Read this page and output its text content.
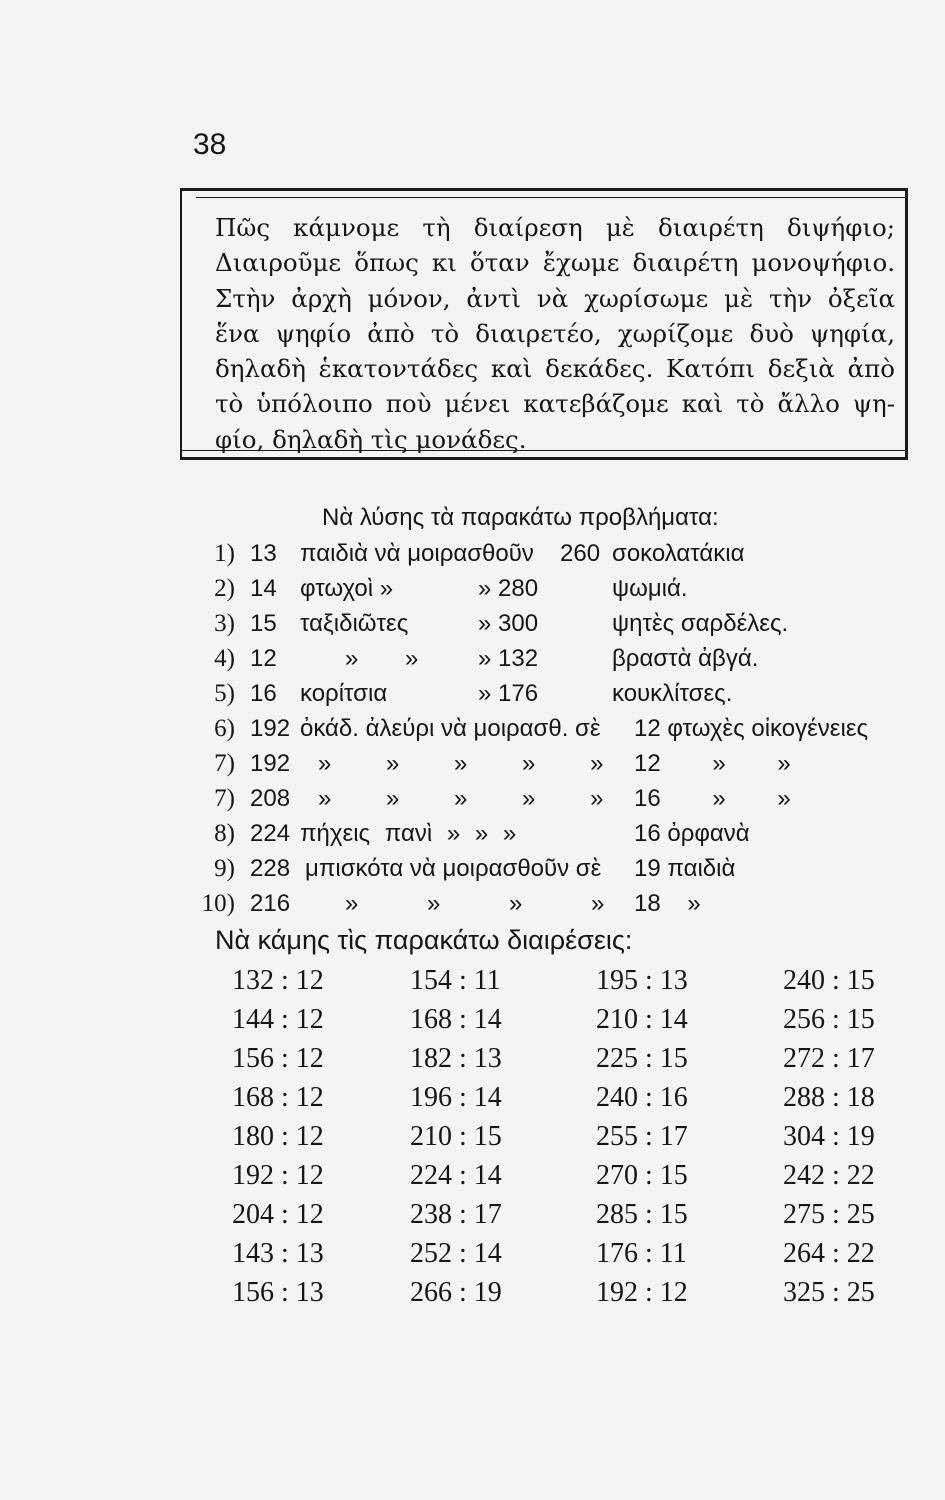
38
Πῶς κάμνομε τὴ διαίρεση μὲ διαιρέτη διψήφιο;
Διαιροῦμε ὅπως κι ὅταν ἔχωμε διαιρέτη μονοψήφιο.
Στὴν ἀρχὴ μόνον, ἀντὶ νὰ χωρίσωμε μὲ τὴν ὀξεῖα
ἕνα ψηφίο ἀπὸ τὸ διαιρετέο, χωρίζομε δυὸ ψηφία,
δηλαδὴ ἑκατοντάδες καὶ δεκάδες. Κατόπι δεξιὰ ἀπὸ
τὸ ὑπόλοιπο ποὺ μένει κατεβάζομε καὶ τὸ ἄλλο ψη-
φίο, δηλαδὴ τὶς μονάδες.
Νὰ λύσης τὰ παρακάτω προβλήματα:
1) 13 παιδιὰ νὰ μοιρασθοῦν 260 σοκολατάκια
2) 14 φτωχοὶ »	» 280	ψωμιά.
3) 15 ταξιδιῶτες	» 300	ψητὲς σαρδέλες.
4) 12	» » » 132	βραστὰ ἀβγά.
5) 16 κορίτσια	» 176	κουκλίτσες.
6) 192 ὀκάδ. ἀλεύρι νὰ μοιρασθ. σὲ 12 φτωχὲς οἰκογένειες
7) 192 » » » » » 12 » »
7) 208 » » » » » 16 » »
8) 224 πήχεις πανὶ » » »	16 ὀρφανὰ
9) 228 μπισκότα νὰ μοιρασθοῦν σὲ 19 παιδιὰ
10) 216 » » » » 18 »
Νὰ κάμης τὶς παρακάτω διαιρέσεις:
132 : 12	154 : 11	195 : 13	240 : 15
144 : 12	168 : 14	210 : 14	256 : 15
156 : 12	182 : 13	225 : 15	272 : 17
168 : 12	196 : 14	240 : 16	288 : 18
180 : 12	210 : 15	255 : 17	304 : 19
192 : 12	224 : 14	270 : 15	242 : 22
204 : 12	238 : 17	285 : 15	275 : 25
143 : 13	252 : 14	176 : 11	264 : 22
156 : 13	266 : 19	192 : 12	325 : 25
